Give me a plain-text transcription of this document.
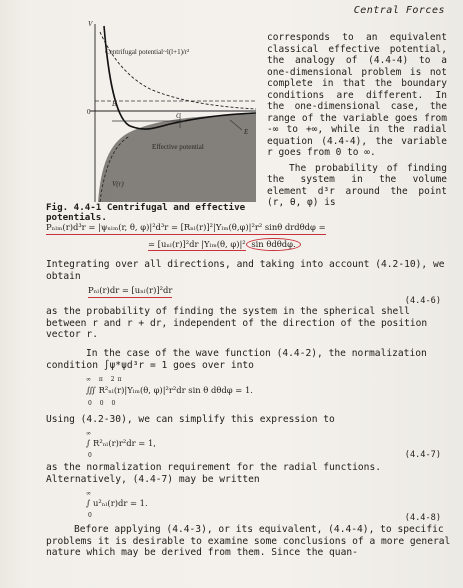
Central Forces
V
0
B
C
E
Centrifugal potential~l(l+1)/r²
Effective potential
V(r)
Fig. 4.4-1 Centrifugal and effective potentials.

corresponds to an equivalent classical effective potential, the analogy of (4.4-4) to a one-dimensional problem is not complete in that the boundary conditions are different. In the one-dimensional case, the range of the variable goes from -∞ to +∞, while in the radial equation (4.4-4), the variable r goes from 0 to ∞.

The probability of finding the system in the volume element d³r around the point (r, θ, φ) is

Pₙₗₘ(r)d³r = |ψₙₗₘ(r, θ, φ)|²d³r = [Rₙₗ(r)]²|Yₗₘ(θ,φ)|²r² sinθ drdθdφ =
= [uₙₗ(r)]²dr |Yₗₘ(θ, φ)|² sin θdθdφ.
Integrating over all directions, and taking into account (4.2-10), we obtain
Pₙₗ(r)dr = [uₙₗ(r)]²dr
(4.4-6)
as the probability of finding the system in the spherical shell between r and r + dr, independent of the direction of the position vector r.
In the case of the wave function (4.4-2), the normalization
condition ∫ψ*ψd³r = 1 goes over into
∞ π 2π
∭ R²ₙₗ(r)|Yₗₘ(θ, φ)|²r²dr sin θ dθdφ = 1.
0 0 0
Using (4.2-30), we can simplify this expression to
∞
∫ R²ₙₗ(r)r²dr = 1,
0	(4.4-7)
as the normalization requirement for the radial functions. Alternatively, (4.4-7) may be written
∞
∫ u²ₙₗ(r)dr = 1.
0	(4.4-8)
Before applying (4.4-3), or its equivalent, (4.4-4), to specific problems it is desirable to examine some conclusions of a more general nature which may be derived from them. Since the quan-
